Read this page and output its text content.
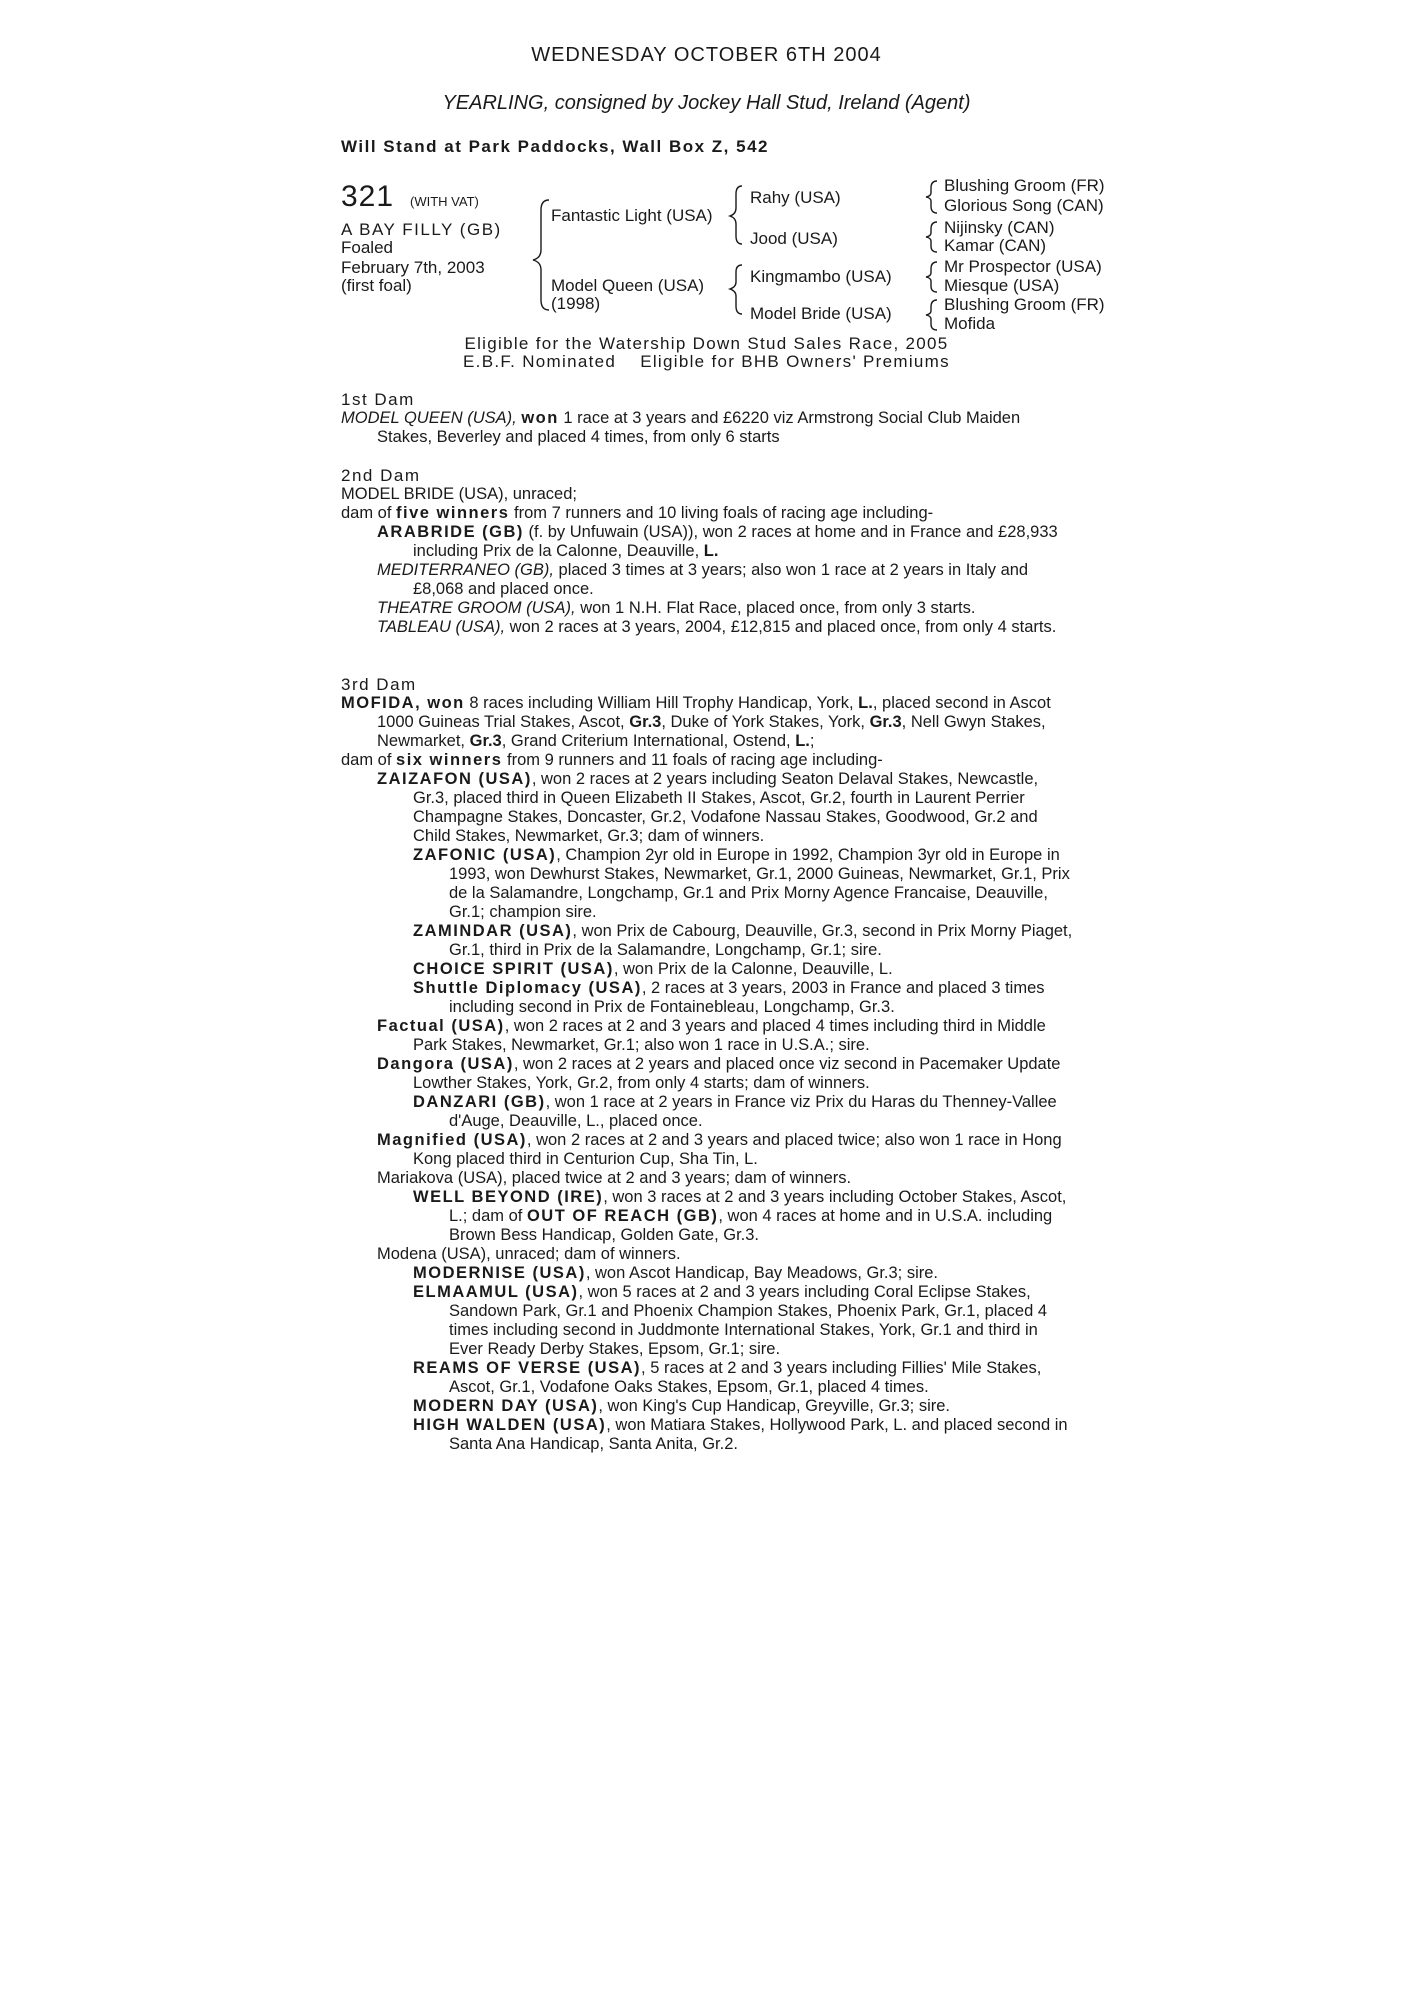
WEDNESDAY OCTOBER 6TH 2004
YEARLING, consigned by Jockey Hall Stud, Ireland (Agent)
Will Stand at Park Paddocks, Wall Box Z, 542
321 (WITH VAT)
A BAY FILLY (GB)
Foaled
February 7th, 2003
(first foal)
Fantastic Light (USA)
Model Queen (USA)
(1998)
Rahy (USA)
Jood (USA)
Kingmambo (USA)
Model Bride (USA)
Blushing Groom (FR)
Glorious Song (CAN)
Nijinsky (CAN)
Kamar (CAN)
Mr Prospector (USA)
Miesque (USA)
Blushing Groom (FR)
Mofida
Eligible for the Watership Down Stud Sales Race, 2005
E.B.F. Nominated    Eligible for BHB Owners' Premiums
1st Dam

MODEL QUEEN (USA), won 1 race at 3 years and £6220 viz Armstrong Social Club Maiden Stakes, Beverley and placed 4 times, from only 6 starts

2nd Dam

MODEL BRIDE (USA), unraced;

dam of five winners from 7 runners and 10 living foals of racing age including-

ARABRIDE (GB) (f. by Unfuwain (USA)), won 2 races at home and in France and £28,933 including Prix de la Calonne, Deauville, L.

MEDITERRANEO (GB), placed 3 times at 3 years; also won 1 race at 2 years in Italy and £8,068 and placed once.

THEATRE GROOM (USA), won 1 N.H. Flat Race, placed once, from only 3 starts.

TABLEAU (USA), won 2 races at 3 years, 2004, £12,815 and placed once, from only 4 starts.

3rd Dam

MOFIDA, won 8 races including William Hill Trophy Handicap, York, L., placed second in Ascot 1000 Guineas Trial Stakes, Ascot, Gr.3, Duke of York Stakes, York, Gr.3, Nell Gwyn Stakes, Newmarket, Gr.3, Grand Criterium International, Ostend, L.;

dam of six winners from 9 runners and 11 foals of racing age including-

ZAIZAFON (USA), won 2 races at 2 years including Seaton Delaval Stakes, Newcastle, Gr.3, placed third in Queen Elizabeth II Stakes, Ascot, Gr.2, fourth in Laurent Perrier Champagne Stakes, Doncaster, Gr.2, Vodafone Nassau Stakes, Goodwood, Gr.2 and Child Stakes, Newmarket, Gr.3; dam of winners.

ZAFONIC (USA), Champion 2yr old in Europe in 1992, Champion 3yr old in Europe in 1993, won Dewhurst Stakes, Newmarket, Gr.1, 2000 Guineas, Newmarket, Gr.1, Prix de la Salamandre, Longchamp, Gr.1 and Prix Morny Agence Francaise, Deauville, Gr.1; champion sire.

ZAMINDAR (USA), won Prix de Cabourg, Deauville, Gr.3, second in Prix Morny Piaget, Gr.1, third in Prix de la Salamandre, Longchamp, Gr.1; sire.

CHOICE SPIRIT (USA), won Prix de la Calonne, Deauville, L.

Shuttle Diplomacy (USA), 2 races at 3 years, 2003 in France and placed 3 times including second in Prix de Fontainebleau, Longchamp, Gr.3.

Factual (USA), won 2 races at 2 and 3 years and placed 4 times including third in Middle Park Stakes, Newmarket, Gr.1; also won 1 race in U.S.A.; sire.

Dangora (USA), won 2 races at 2 years and placed once viz second in Pacemaker Update Lowther Stakes, York, Gr.2, from only 4 starts; dam of winners.

DANZARI (GB), won 1 race at 2 years in France viz Prix du Haras du Thenney-Vallee d'Auge, Deauville, L., placed once.

Magnified (USA), won 2 races at 2 and 3 years and placed twice; also won 1 race in Hong Kong placed third in Centurion Cup, Sha Tin, L.

Mariakova (USA), placed twice at 2 and 3 years; dam of winners.

WELL BEYOND (IRE), won 3 races at 2 and 3 years including October Stakes, Ascot, L.; dam of OUT OF REACH (GB), won 4 races at home and in U.S.A. including Brown Bess Handicap, Golden Gate, Gr.3.

Modena (USA), unraced; dam of winners.

MODERNISE (USA), won Ascot Handicap, Bay Meadows, Gr.3; sire.

ELMAAMUL (USA), won 5 races at 2 and 3 years including Coral Eclipse Stakes, Sandown Park, Gr.1 and Phoenix Champion Stakes, Phoenix Park, Gr.1, placed 4 times including second in Juddmonte International Stakes, York, Gr.1 and third in Ever Ready Derby Stakes, Epsom, Gr.1; sire.

REAMS OF VERSE (USA), 5 races at 2 and 3 years including Fillies' Mile Stakes, Ascot, Gr.1, Vodafone Oaks Stakes, Epsom, Gr.1, placed 4 times.

MODERN DAY (USA), won King's Cup Handicap, Greyville, Gr.3; sire.

HIGH WALDEN (USA), won Matiara Stakes, Hollywood Park, L. and placed second in Santa Ana Handicap, Santa Anita, Gr.2.
